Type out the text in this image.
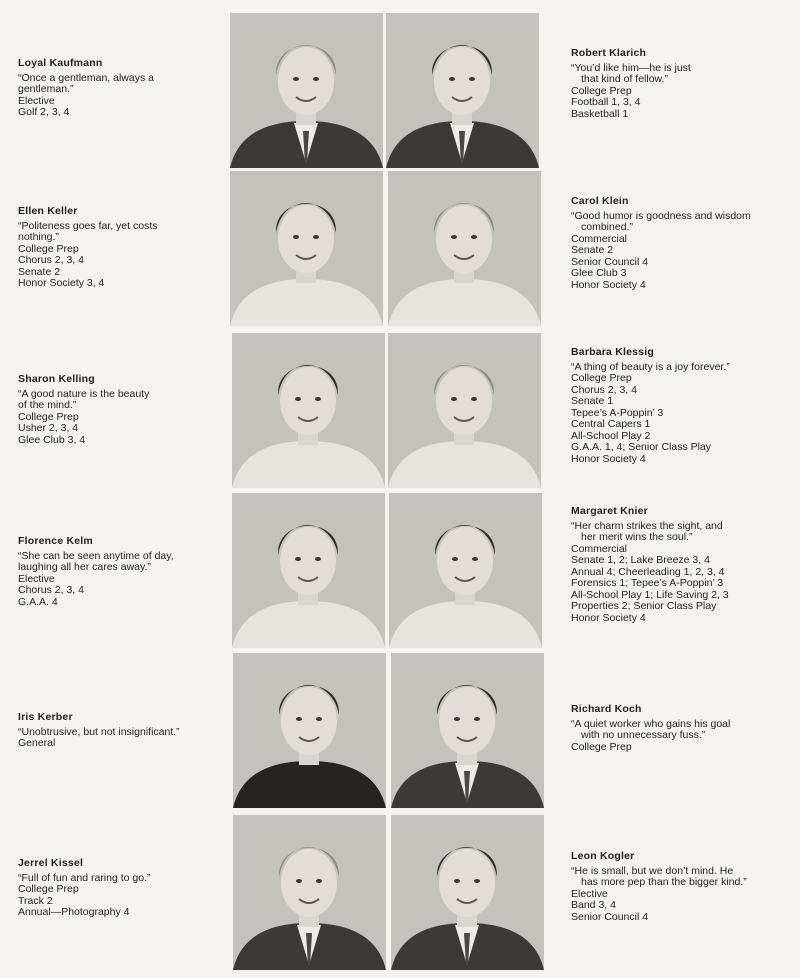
Loyal Kaufmann
“Once a gentleman, always a
gentleman.”
Elective
Golf 2, 3, 4
Ellen Keller
“Politeness goes far, yet costs
nothing.”
College Prep
Chorus 2, 3, 4
Senate 2
Honor Society 3, 4
Sharon Kelling
“A good nature is the beauty
of the mind.”
College Prep
Usher 2, 3, 4
Glee Club 3, 4
Florence Kelm
“She can be seen anytime of day,
laughing all her cares away.”
Elective
Chorus 2, 3, 4
G.A.A. 4
Iris Kerber
“Unobtrusive, but not insignificant.”
General
Jerrel Kissel
“Full of fun and raring to go.”
College Prep
Track 2
Annual—Photography 4
Robert Klarich
“You’d like him—he is just
that kind of fellow.”
College Prep
Football 1, 3, 4
Basketball 1
Carol Klein
“Good humor is goodness and wisdom
combined.”
Commercial
Senate 2
Senior Council 4
Glee Club 3
Honor Society 4
Barbara Klessig
“A thing of beauty is a joy forever.”
College Prep
Chorus 2, 3, 4
Senate 1
Tepee’s A-Poppin’ 3
Central Capers 1
All-School Play 2
G.A.A. 1, 4; Senior Class Play
Honor Society 4
Margaret Knier
“Her charm strikes the sight, and
her merit wins the soul.”
Commercial
Senate 1, 2; Lake Breeze 3, 4
Annual 4; Cheerleading 1, 2, 3, 4
Forensics 1; Tepee’s A-Poppin’ 3
All-School Play 1; Life Saving 2, 3
Properties 2; Senior Class Play
Honor Society 4
Richard Koch
“A quiet worker who gains his goal
with no unnecessary fuss.”
College Prep
Leon Kogler
“He is small, but we don’t mind. He
has more pep than the bigger kind.”
Elective
Band 3, 4
Senior Council 4
